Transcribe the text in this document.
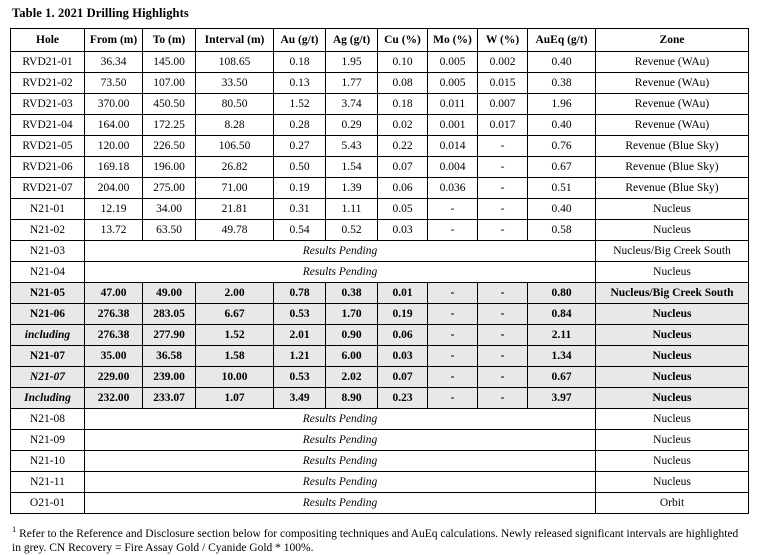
Table 1. 2021 Drilling Highlights
Hole	From (m)	To (m)	Interval (m)	Au (g/t)	Ag (g/t)	Cu (%)	Mo (%)	W (%)	AuEq (g/t)	Zone
RVD21-01	36.34	145.00	108.65	0.18	1.95	0.10	0.005	0.002	0.40	Revenue (WAu)
RVD21-02	73.50	107.00	33.50	0.13	1.77	0.08	0.005	0.015	0.38	Revenue (WAu)
RVD21-03	370.00	450.50	80.50	1.52	3.74	0.18	0.011	0.007	1.96	Revenue (WAu)
RVD21-04	164.00	172.25	8.28	0.28	0.29	0.02	0.001	0.017	0.40	Revenue (WAu)
RVD21-05	120.00	226.50	106.50	0.27	5.43	0.22	0.014	-	0.76	Revenue (Blue Sky)
RVD21-06	169.18	196.00	26.82	0.50	1.54	0.07	0.004	-	0.67	Revenue (Blue Sky)
RVD21-07	204.00	275.00	71.00	0.19	1.39	0.06	0.036	-	0.51	Revenue (Blue Sky)
N21-01	12.19	34.00	21.81	0.31	1.11	0.05	-	-	0.40	Nucleus
N21-02	13.72	63.50	49.78	0.54	0.52	0.03	-	-	0.58	Nucleus
N21-03	Results Pending									Nucleus/Big Creek South
N21-04	Results Pending									Nucleus
N21-05	47.00	49.00	2.00	0.78	0.38	0.01	-	-	0.80	Nucleus/Big Creek South
N21-06	276.38	283.05	6.67	0.53	1.70	0.19	-	-	0.84	Nucleus
including	276.38	277.90	1.52	2.01	0.90	0.06	-	-	2.11	Nucleus
N21-07	35.00	36.58	1.58	1.21	6.00	0.03	-	-	1.34	Nucleus
N21-07	229.00	239.00	10.00	0.53	2.02	0.07	-	-	0.67	Nucleus
Including	232.00	233.07	1.07	3.49	8.90	0.23	-	-	3.97	Nucleus
N21-08	Results Pending									Nucleus
N21-09	Results Pending									Nucleus
N21-10	Results Pending									Nucleus
N21-11	Results Pending									Nucleus
O21-01	Results Pending									Orbit
$^1$ Refer to the Reference and Disclosure section below for compositing techniques and AuEq calculations. Newly released significant intervals are highlighted in grey. CN Recovery = Fire Assay Gold / Cyanide Gold * 100%.
